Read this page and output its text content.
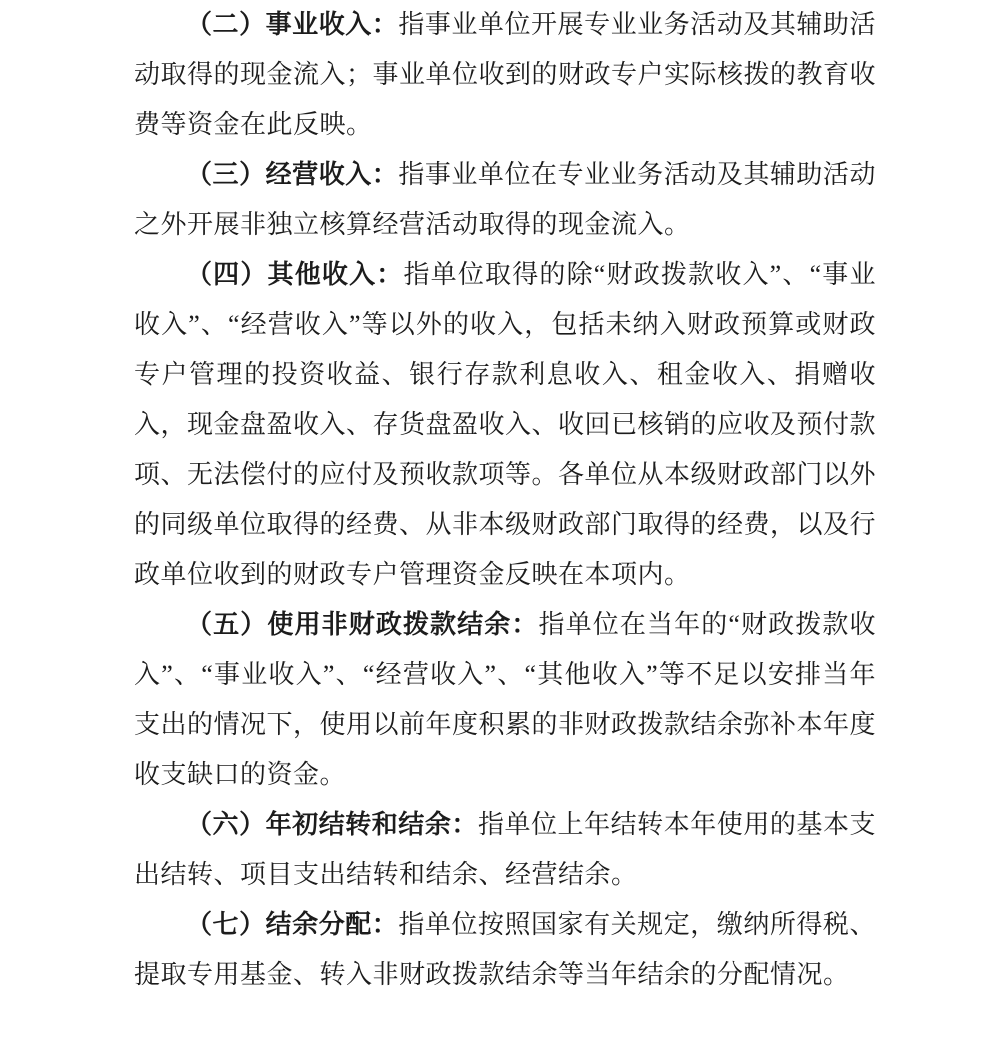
（二）事业收入：指事业单位开展专业业务活动及其辅助活动取得的现金流入；事业单位收到的财政专户实际核拨的教育收费等资金在此反映。

（三）经营收入：指事业单位在专业业务活动及其辅助活动之外开展非独立核算经营活动取得的现金流入。

（四）其他收入：指单位取得的除“财政拨款收入”、“事业收入”、“经营收入”等以外的收入，包括未纳入财政预算或财政专户管理的投资收益、银行存款利息收入、租金收入、捐赠收入，现金盘盈收入、存货盘盈收入、收回已核销的应收及预付款项、无法偿付的应付及预收款项等。各单位从本级财政部门以外的同级单位取得的经费、从非本级财政部门取得的经费，以及行政单位收到的财政专户管理资金反映在本项内。

（五）使用非财政拨款结余：指单位在当年的“财政拨款收入”、“事业收入”、“经营收入”、“其他收入”等不足以安排当年支出的情况下，使用以前年度积累的非财政拨款结余弥补本年度收支缺口的资金。

（六）年初结转和结余：指单位上年结转本年使用的基本支出结转、项目支出结转和结余、经营结余。

（七）结余分配：指单位按照国家有关规定，缴纳所得税、提取专用基金、转入非财政拨款结余等当年结余的分配情况。
